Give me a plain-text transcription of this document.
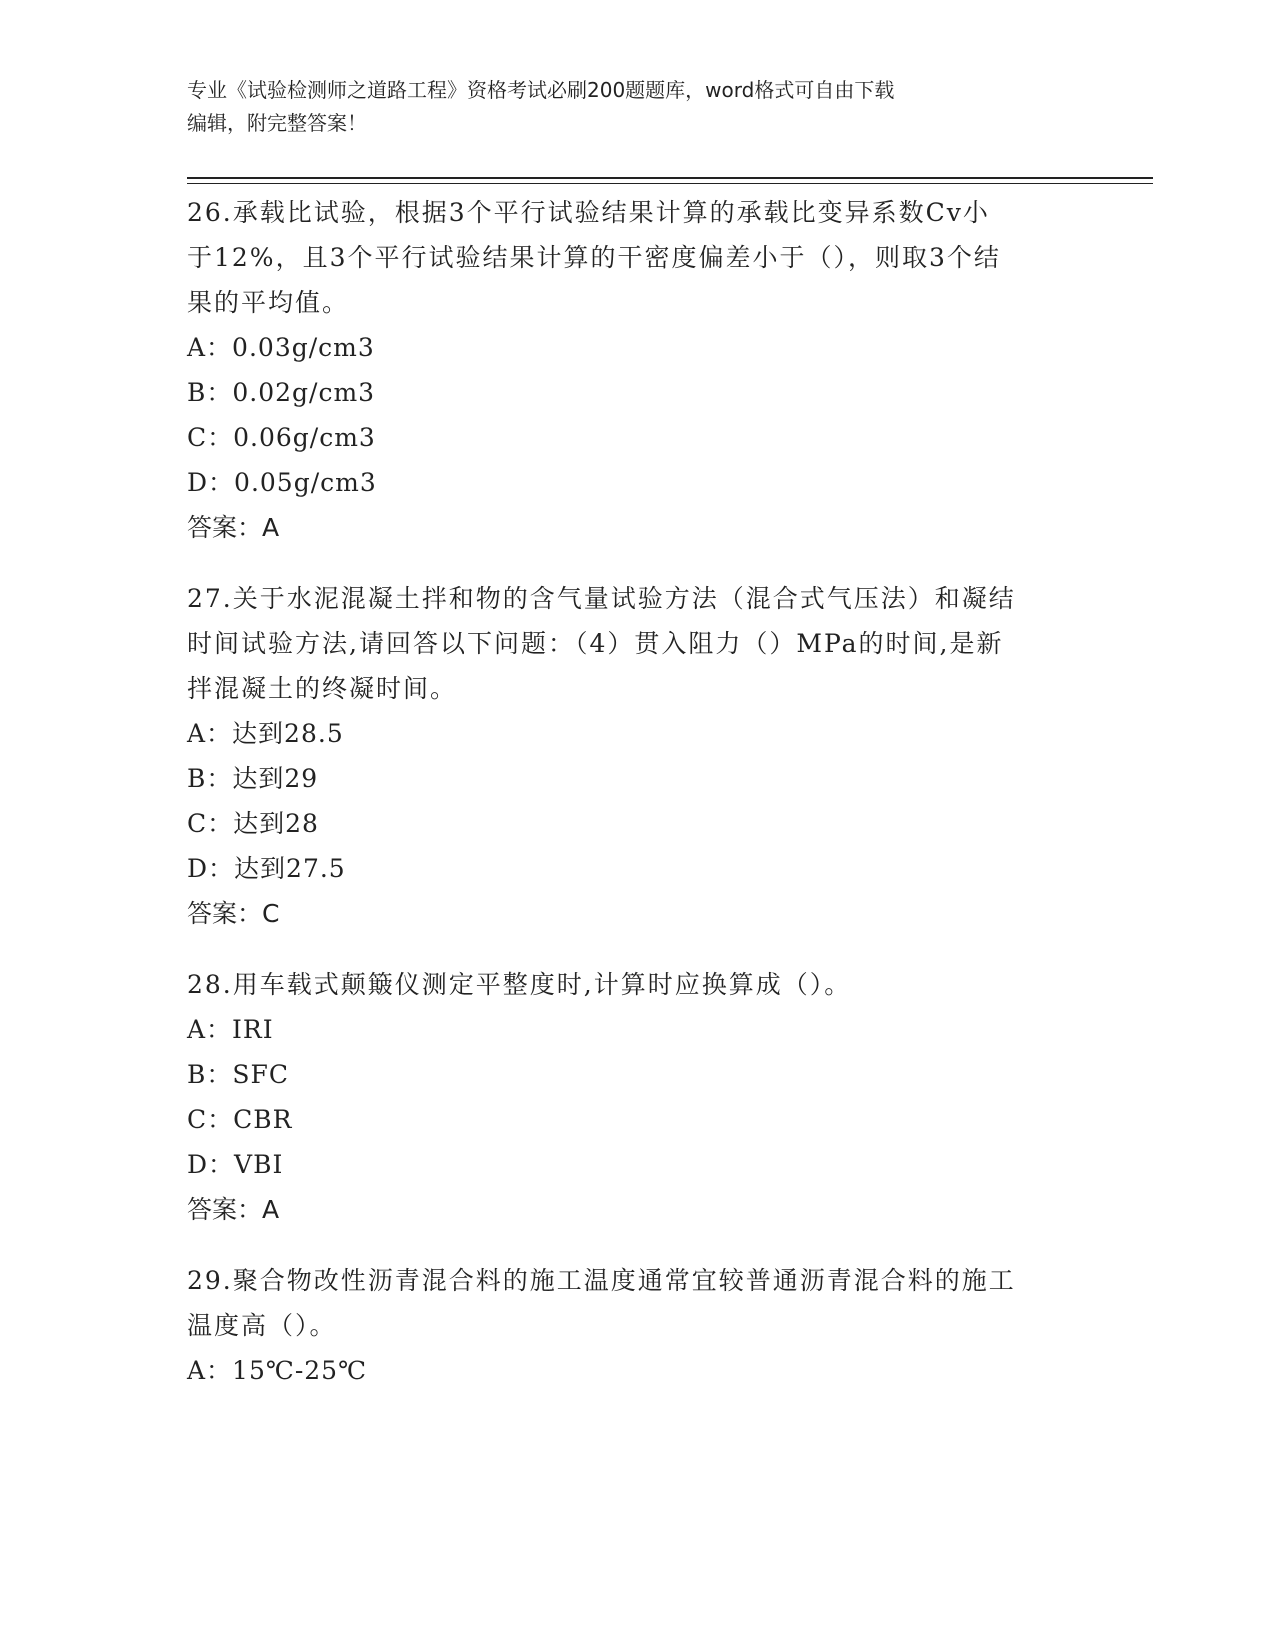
专业《试验检测师之道路工程》资格考试必刷200题题库，word格式可自由下载
编辑，附完整答案！

26.承载比试验，根据3个平行试验结果计算的承载比变异系数Cv小

于12%，且3个平行试验结果计算的干密度偏差小于（），则取3个结

果的平均值。

A：0.03g/cm3

B：0.02g/cm3

C：0.06g/cm3

D：0.05g/cm3

答案：A

27.关于水泥混凝土拌和物的含气量试验方法（混合式气压法）和凝结

时间试验方法,请回答以下问题：（4）贯入阻力（）MPa的时间,是新

拌混凝土的终凝时间。

A：达到28.5

B：达到29

C：达到28

D：达到27.5

答案：C

28.用车载式颠簸仪测定平整度时,计算时应换算成（）。

A：IRI

B：SFC

C：CBR

D：VBI

答案：A

29.聚合物改性沥青混合料的施工温度通常宜较普通沥青混合料的施工

温度高（）。

A：15℃-25℃
